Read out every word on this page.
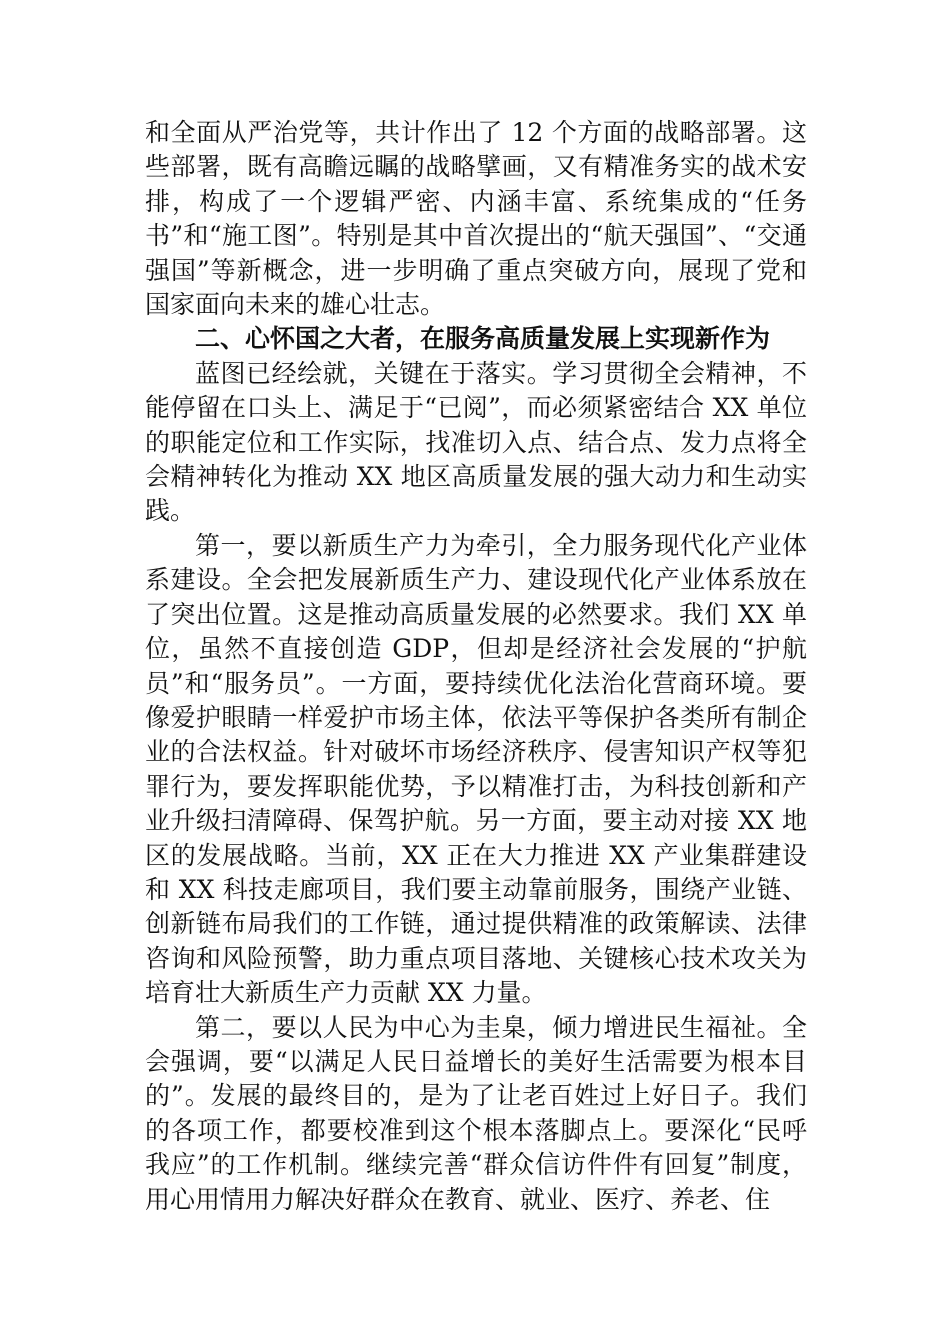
和全面从严治党等，共计作出了 12 个方面的战略部署。这些部署，既有高瞻远瞩的战略擘画，又有精准务实的战术安排，构成了一个逻辑严密、内涵丰富、系统集成的“任务书”和“施工图”。特别是其中首次提出的“航天强国”、“交通强国”等新概念，进一步明确了重点突破方向，展现了党和国家面向未来的雄心壮志。

二、心怀国之大者，在服务高质量发展上实现新作为

蓝图已经绘就，关键在于落实。学习贯彻全会精神，不能停留在口头上、满足于“已阅”，而必须紧密结合 XX 单位的职能定位和工作实际，找准切入点、结合点、发力点将全会精神转化为推动 XX 地区高质量发展的强大动力和生动实践。

第一，要以新质生产力为牵引，全力服务现代化产业体系建设。全会把发展新质生产力、建设现代化产业体系放在了突出位置。这是推动高质量发展的必然要求。我们 XX 单位，虽然不直接创造 GDP，但却是经济社会发展的“护航员”和“服务员”。一方面，要持续优化法治化营商环境。要像爱护眼睛一样爱护市场主体，依法平等保护各类所有制企业的合法权益。针对破坏市场经济秩序、侵害知识产权等犯罪行为，要发挥职能优势，予以精准打击，为科技创新和产业升级扫清障碍、保驾护航。另一方面，要主动对接 XX 地区的发展战略。当前，XX 正在大力推进 XX 产业集群建设和 XX 科技走廊项目，我们要主动靠前服务，围绕产业链、创新链布局我们的工作链，通过提供精准的政策解读、法律咨询和风险预警，助力重点项目落地、关键核心技术攻关为培育壮大新质生产力贡献 XX 力量。

第二，要以人民为中心为圭臬，倾力增进民生福祉。全会强调，要“以满足人民日益增长的美好生活需要为根本目的”。发展的最终目的，是为了让老百姓过上好日子。我们的各项工作，都要校准到这个根本落脚点上。要深化“民呼我应”的工作机制。继续完善“群众信访件件有回复”制度，用心用情用力解决好群众在教育、就业、医疗、养老、住
